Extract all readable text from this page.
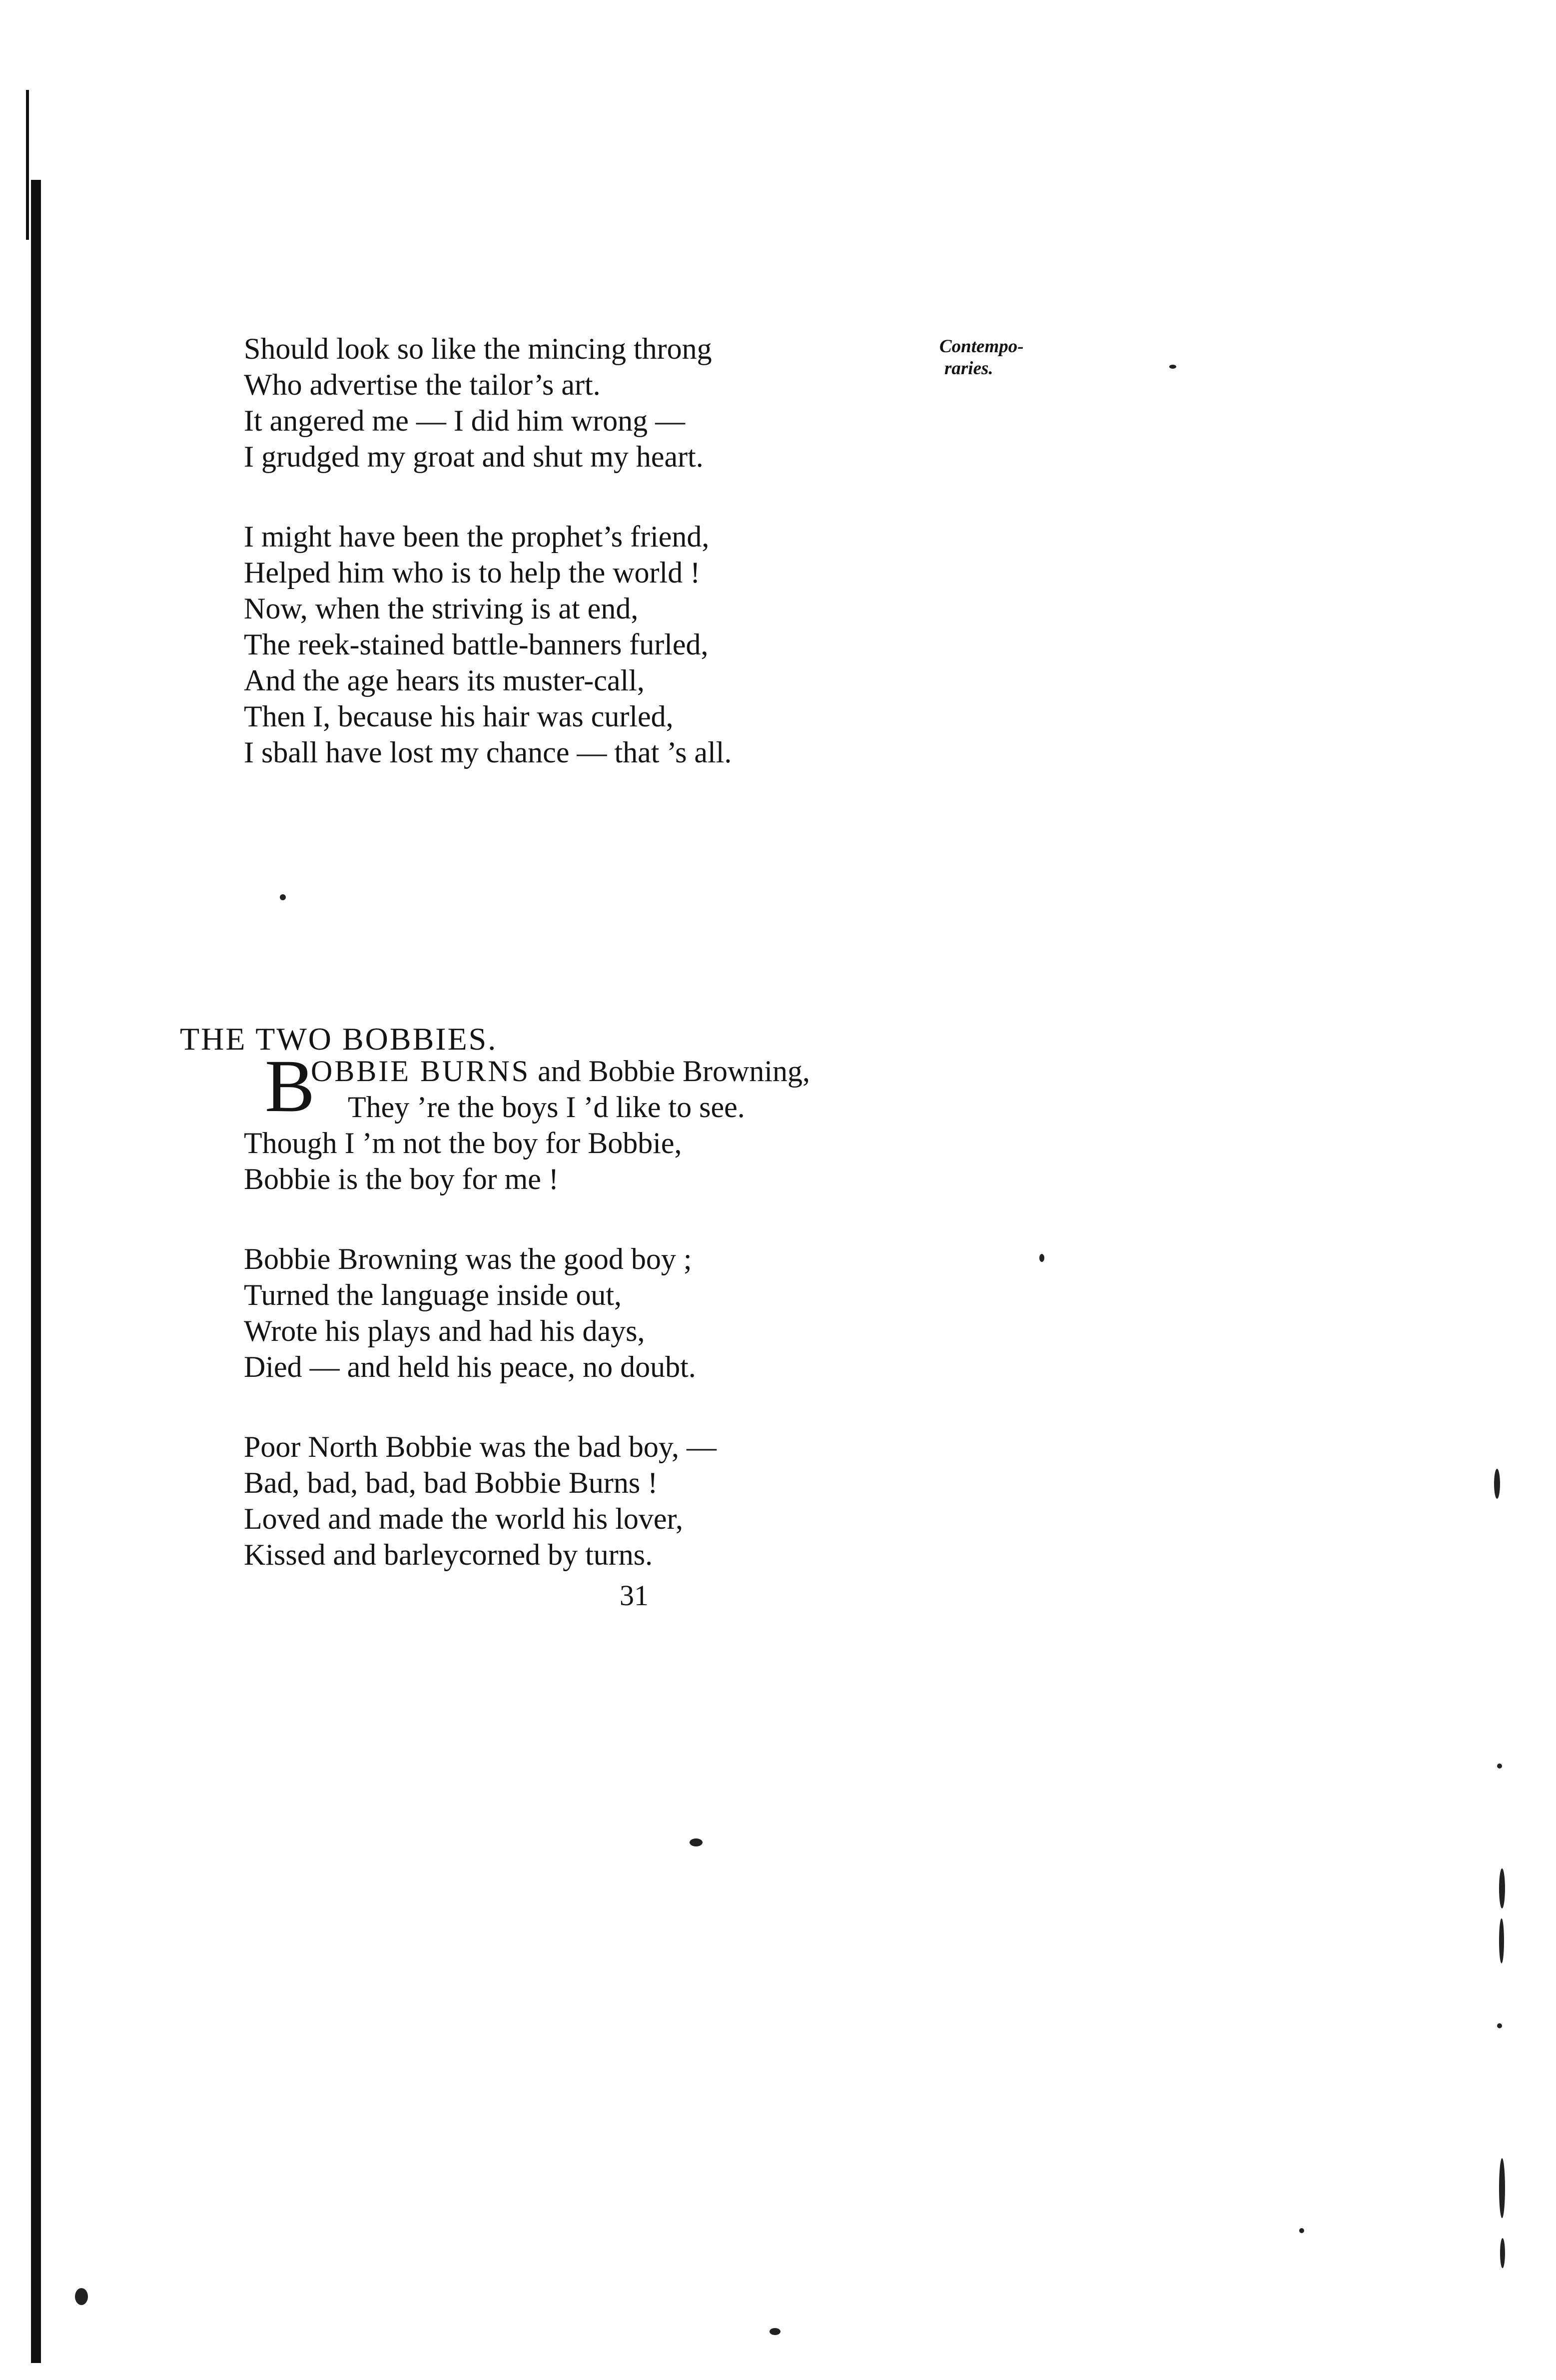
Contempo-
raries.

Should look so like the mincing throng
Who advertise the tailor’s art.
It angered me — I did him wrong —
I grudged my groat and shut my heart.
I might have been the prophet’s friend,
Helped him who is to help the world !
Now, when the striving is at end,
The reek-stained battle-banners furled,
And the age hears its muster-call,
Then I, because his hair was curled,
I sball have lost my chance — that ’s all.
THE TWO BOBBIES.
B
OBBIE BURNS and Bobbie Browning,
They ’re the boys I ’d like to see.
Though I ’m not the boy for Bobbie,
Bobbie is the boy for me !
Bobbie Browning was the good boy ;
Turned the language inside out,
Wrote his plays and had his days,
Died — and held his peace, no doubt.
Poor North Bobbie was the bad boy, —
Bad, bad, bad, bad Bobbie Burns !
Loved and made the world his lover,
Kissed and barleycorned by turns.

31
